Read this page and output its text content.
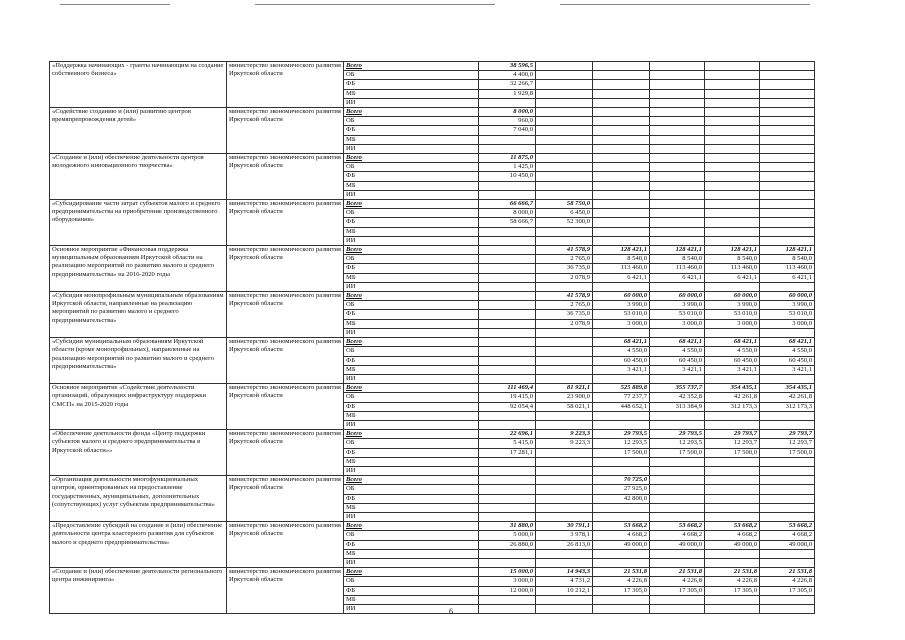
«Поддержка начинающих - гранты начинающим на создание собственного бизнеса»	министерство экономического развития Иркутской области	Всего	38 596,5					
		ОБ	4 400,0					
		ФБ	32 266,7					
		МБ	1 929,8					
		ИИ						
«Содействие созданию и (или) развитию центров времяпрепровождения детей»	министерство экономического развития Иркутской области	Всего	8 000,0					
		ОБ	960,0					
		ФБ	7 040,0					
		МБ						
		ИИ						
«Создание и (или) обеспечение деятельности центров молодежного инновационного творчества»	министерство экономического развития Иркутской области	Всего	11 875,0					
		ОБ	1 425,0					
		ФБ	10 450,0					
		МБ						
		ИИ						
«Субсидирование части затрат субъектов малого и среднего предпринимательства на приобретение производственного оборудования»	министерство экономического развития Иркутской области	Всего	66 666,7	58 750,0				
		ОБ	8 000,0	6 450,0				
		ФБ	58 666,7	52 300,0				
		МБ						
		ИИ						
Основное мероприятие «Финансовая поддержка муниципальным образованиям Иркутской области на реализацию мероприятий по развитию малого и среднего предпринимательства» на 2016-2020 годы	министерство экономического развития Иркутской области	Всего		41 578,9	128 421,1	128 421,1	128 421,1	128 421,1
		ОБ		2 765,0	8 540,0	8 540,0	8 540,0	8 540,0
		ФБ		36 735,0	113 460,0	113 460,0	113 460,0	113 460,0
		МБ		2 078,9	6 421,1	6 421,1	6 421,1	6 421,1
		ИИ						
«Субсидия монопрофильным муниципальным образованиям Иркутской области, направленные на реализацию мероприятий по развитию малого и среднего предпринимательства»	министерство экономического развития Иркутской области	Всего		41 578,9	60 000,0	60 000,0	60 000,0	60 000,0
		ОБ		2 765,0	3 990,0	3 990,0	3 990,0	3 990,0
		ФБ		36 735,0	53 010,0	53 010,0	53 010,0	53 010,0
		МБ		2 078,9	3 000,0	3 000,0	3 000,0	3 000,0
		ИИ						
«Субсидии муниципальным образованиям Иркутской области (кроме монопрофильных), направленные на реализацию мероприятий по развитию малого и среднего предпринимательства»	министерство экономического развития Иркутской области	Всего			68 421,1	68 421,1	68 421,1	68 421,1
		ОБ			4 550,0	4 550,0	4 550,0	4 550,0
		ФБ			60 450,0	60 450,0	60 450,0	60 450,0
		МБ			3 421,1	3 421,1	3 421,1	3 421,1
		ИИ						
Основное мероприятие «Содействие деятельности организаций, образующих инфраструктуру поддержки СМСП» на 2015-2020 годы	министерство экономического развития Иркутской области	Всего	111 469,4	81 921,1	525 889,8	355 737,7	354 435,1	354 435,1
		ОБ	19 415,0	23 900,0	77 237,7	42 352,8	42 261,8	42 261,8
		ФБ	92 054,4	58 021,1	448 652,1	313 384,9	312 173,3	312 173,3
		МБ						
		ИИ						
«Обеспечение деятельности фонда «Центр поддержки субъектов малого и среднего предпринимательства в Иркутской области»»	министерство экономического развития Иркутской области	Всего	22 696,1	9 223,3	29 793,5	29 793,5	29 793,7	29 793,7
		ОБ	5 415,0	9 223,3	12 293,5	12 293,5	12 293,7	12 293,7
		ФБ	17 281,1		17 500,0	17 500,0	17 500,0	17 500,0
		МБ						
		ИИ						
«Организация деятельности многофункциональных центров, ориентированных на предоставление государственных, муниципальных, дополнительных (сопутствующих) услуг субъектам предпринимательства»	министерство экономического развития Иркутской области	Всего			70 725,0			
		ОБ			27 925,0			
		ФБ			42 800,0			
		МБ						
		ИИ						
«Предоставление субсидий на создание и (или) обеспечение деятельности центра кластерного развития для субъектов малого и среднего предпринимательства»	министерство экономического развития Иркутской области	Всего	31 880,0	30 791,1	53 668,2	53 668,2	53 668,2	53 668,2
		ОБ	5 000,0	3 978,1	4 668,2	4 668,2	4 668,2	4 668,2
		ФБ	26 880,0	26 813,0	49 000,0	49 000,0	49 000,0	49 000,0
		МБ						
		ИИ						
«Создание и (или) обеспечение деятельности регионального центра инжиниринга»	министерство экономического развития Иркутской области	Всего	15 000,0	14 943,3	21 531,8	21 531,8	21 531,8	21 531,8
		ОБ	3 000,0	4 731,2	4 226,8	4 226,8	4 226,8	4 226,8
		ФБ	12 000,0	10 212,1	17 305,0	17 305,0	17 305,0	17 305,0
		МБ						
		ИИ							6
